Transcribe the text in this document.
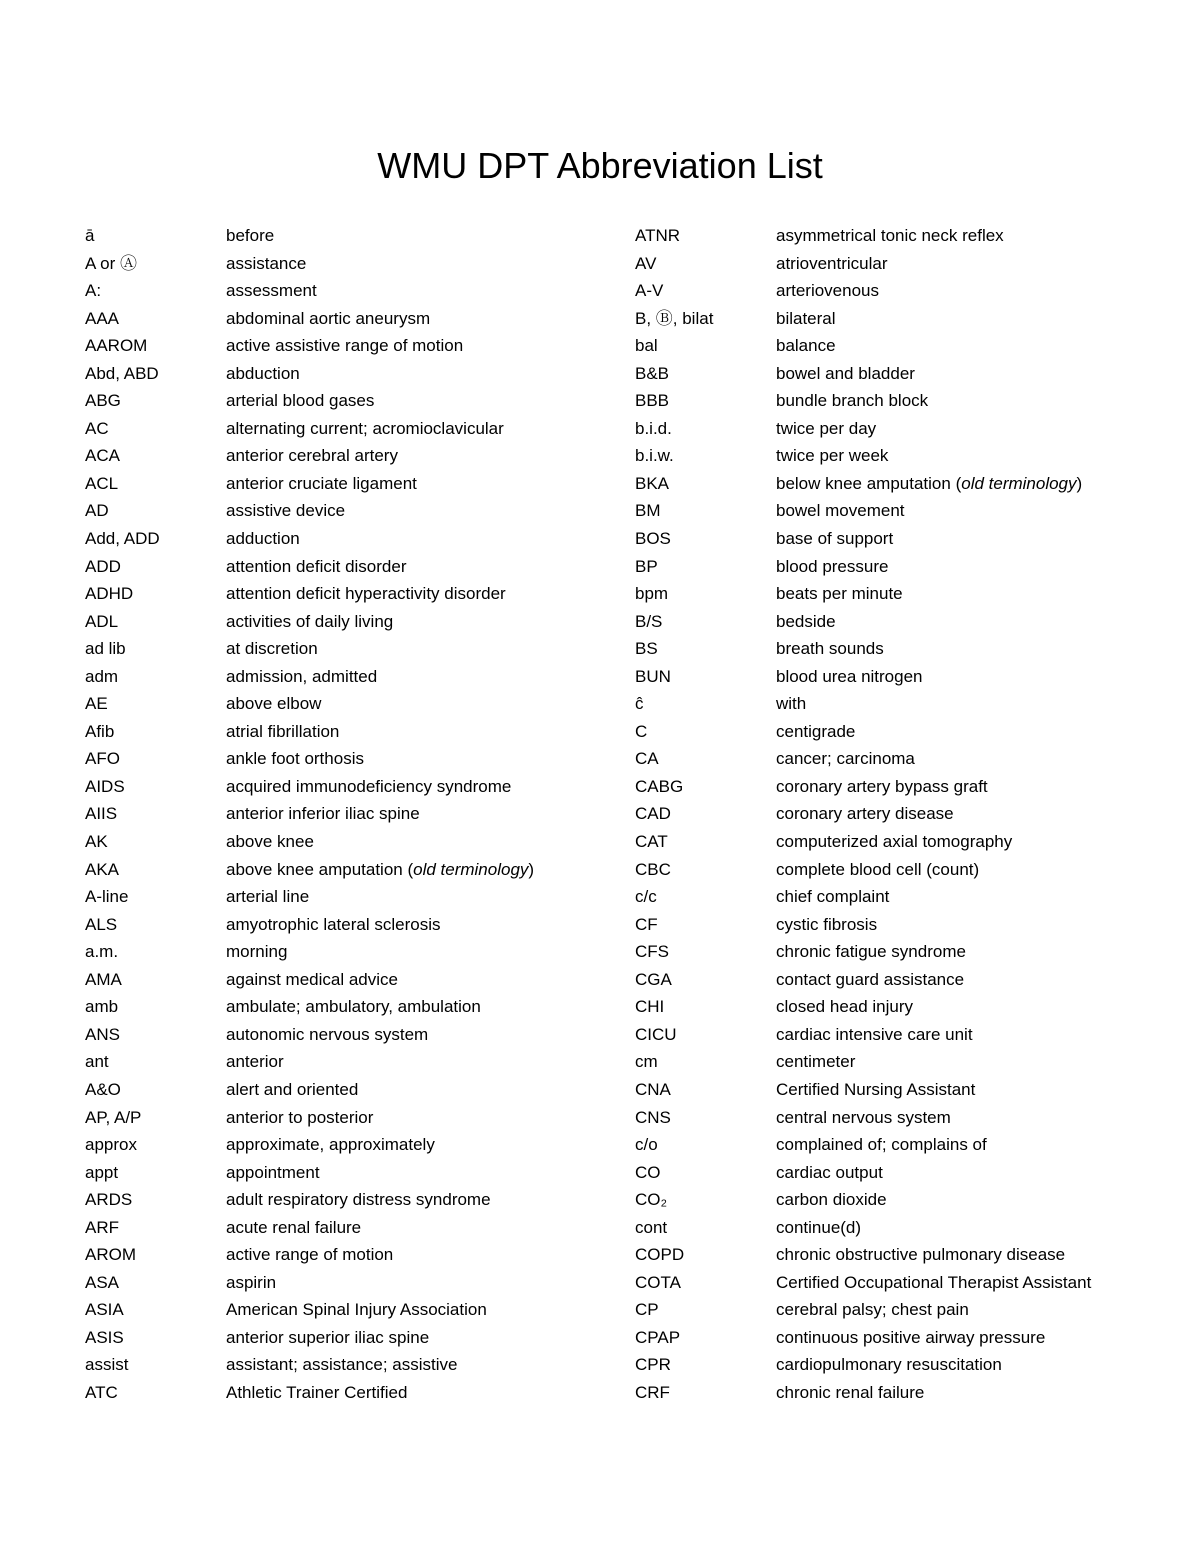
WMU DPT Abbreviation List
ā	before
A or Ⓐ	assistance
A:	assessment
AAA	abdominal aortic aneurysm
AAROM	active assistive range of motion
Abd, ABD	abduction
ABG	arterial blood gases
AC	alternating current; acromioclavicular
ACA	anterior cerebral artery
ACL	anterior cruciate ligament
AD	assistive device
Add, ADD	adduction
ADD	attention deficit disorder
ADHD	attention deficit hyperactivity disorder
ADL	activities of daily living
ad lib	at discretion
adm	admission, admitted
AE	above elbow
Afib	atrial fibrillation
AFO	ankle foot orthosis
AIDS	acquired immunodeficiency syndrome
AIIS	anterior inferior iliac spine
AK	above knee
AKA	above knee amputation (old terminology)
A-line	arterial line
ALS	amyotrophic lateral sclerosis
a.m.	morning
AMA	against medical advice
amb	ambulate; ambulatory, ambulation
ANS	autonomic nervous system
ant	anterior
A&O	alert and oriented
AP, A/P	anterior to posterior
approx	approximate, approximately
appt	appointment
ARDS	adult respiratory distress syndrome
ARF	acute renal failure
AROM	active range of motion
ASA	aspirin
ASIA	American Spinal Injury Association
ASIS	anterior superior iliac spine
assist	assistant; assistance; assistive
ATC	Athletic Trainer Certified
ATNR	asymmetrical tonic neck reflex
AV	atrioventricular
A-V	arteriovenous
B, Ⓑ, bilat	bilateral
bal	balance
B&B	bowel and bladder
BBB	bundle branch block
b.i.d.	twice per day
b.i.w.	twice per week
BKA	below knee amputation (old terminology)
BM	bowel movement
BOS	base of support
BP	blood pressure
bpm	beats per minute
B/S	bedside
BS	breath sounds
BUN	blood urea nitrogen
ĉ	with
C	centigrade
CA	cancer; carcinoma
CABG	coronary artery bypass graft
CAD	coronary artery disease
CAT	computerized axial tomography
CBC	complete blood cell (count)
c/c	chief complaint
CF	cystic fibrosis
CFS	chronic fatigue syndrome
CGA	contact guard assistance
CHI	closed head injury
CICU	cardiac intensive care unit
cm	centimeter
CNA	Certified Nursing Assistant
CNS	central nervous system
c/o	complained of; complains of
CO	cardiac output
CO₂	carbon dioxide
cont	continue(d)
COPD	chronic obstructive pulmonary disease
COTA	Certified Occupational Therapist Assistant
CP	cerebral palsy; chest pain
CPAP	continuous positive airway pressure
CPR	cardiopulmonary resuscitation
CRF	chronic renal failure
